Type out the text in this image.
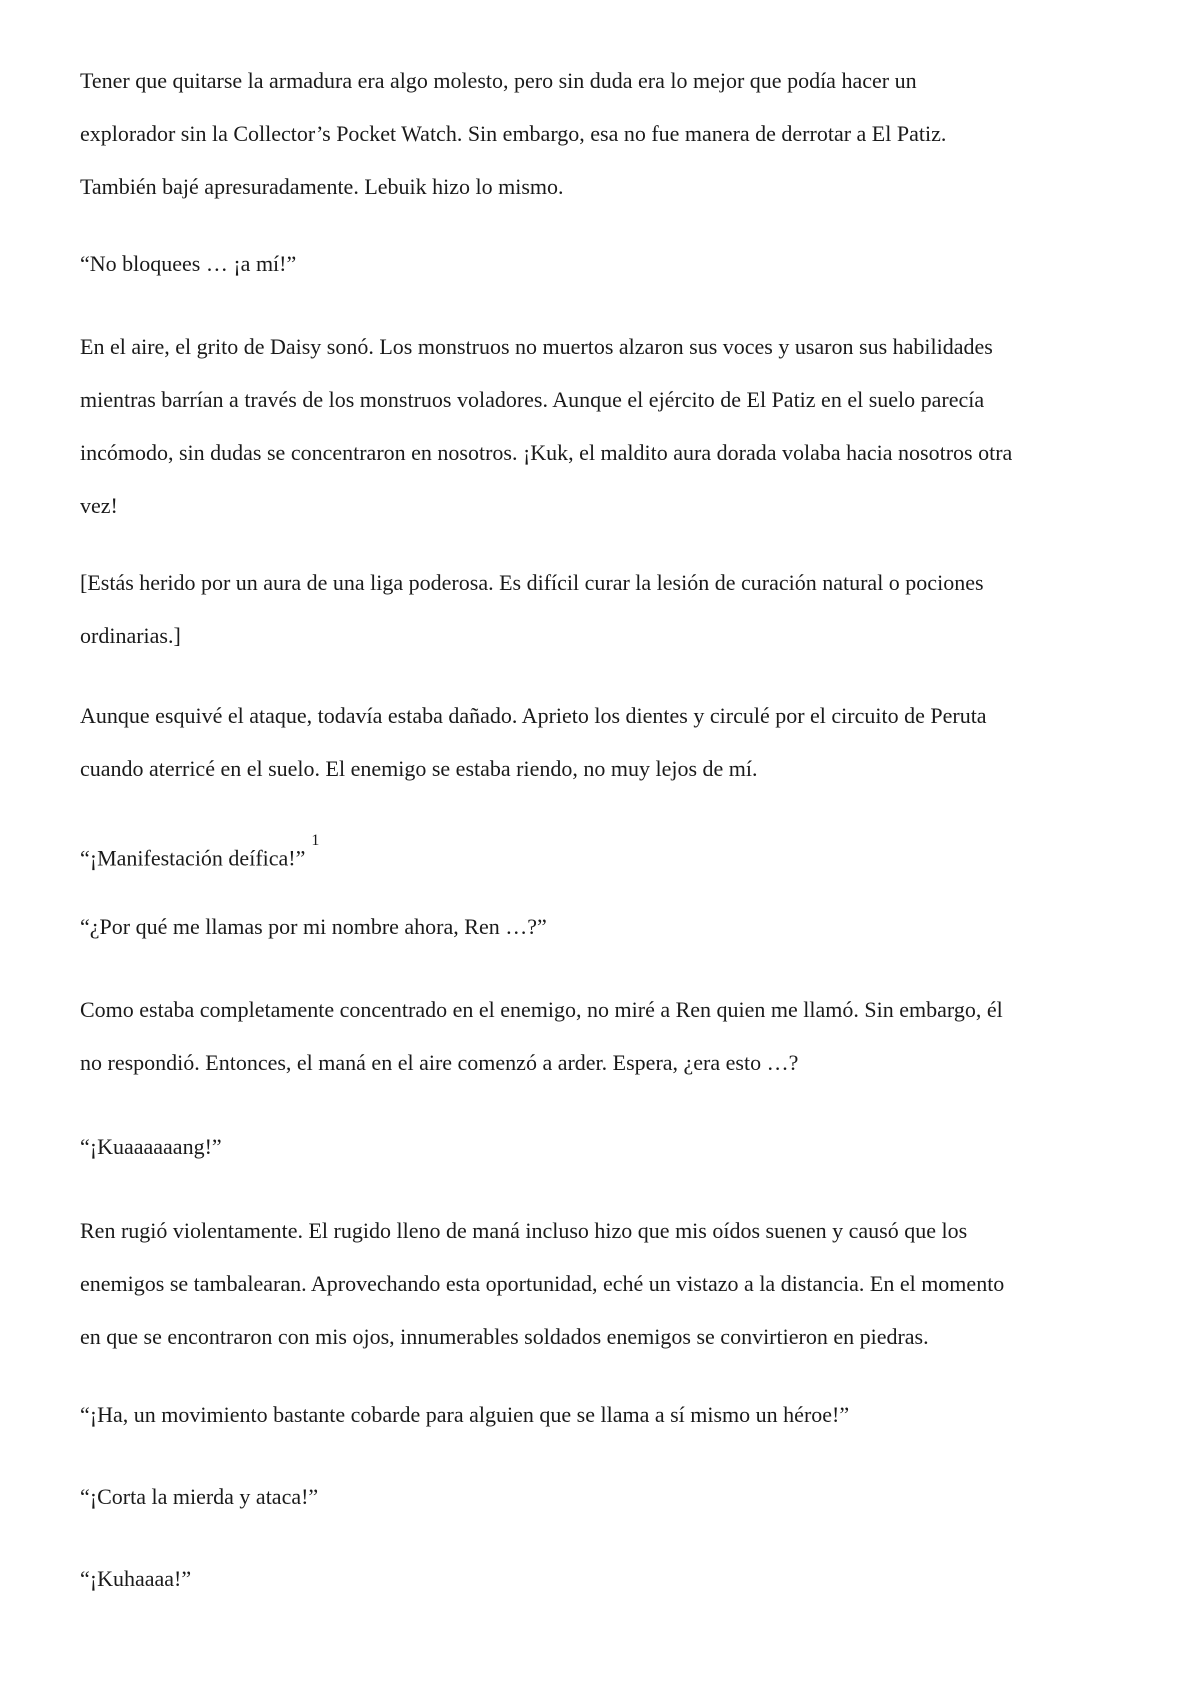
Tener que quitarse la armadura era algo molesto, pero sin duda era lo mejor que podía hacer un
explorador sin la Collector’s Pocket Watch. Sin embargo, esa no fue manera de derrotar a El Patiz.
También bajé apresuradamente. Lebuik hizo lo mismo.

“No bloquees … ¡a mí!”

En el aire, el grito de Daisy sonó. Los monstruos no muertos alzaron sus voces y usaron sus habilidades
mientras barrían a través de los monstruos voladores. Aunque el ejército de El Patiz en el suelo parecía
incómodo, sin dudas se concentraron en nosotros. ¡Kuk, el maldito aura dorada volaba hacia nosotros otra
vez!

[Estás herido por un aura de una liga poderosa. Es difícil curar la lesión de curación natural o pociones
ordinarias.]

Aunque esquivé el ataque, todavía estaba dañado. Aprieto los dientes y circulé por el circuito de Peruta
cuando aterricé en el suelo. El enemigo se estaba riendo, no muy lejos de mí.

“¡Manifestación deífica!”$^1$

“¿Por qué me llamas por mi nombre ahora, Ren …?”

Como estaba completamente concentrado en el enemigo, no miré a Ren quien me llamó. Sin embargo, él
no respondió. Entonces, el maná en el aire comenzó a arder. Espera, ¿era esto …?

“¡Kuaaaaaang!”

Ren rugió violentamente. El rugido lleno de maná incluso hizo que mis oídos suenen y causó que los
enemigos se tambalearan. Aprovechando esta oportunidad, eché un vistazo a la distancia. En el momento
en que se encontraron con mis ojos, innumerables soldados enemigos se convirtieron en piedras.

“¡Ha, un movimiento bastante cobarde para alguien que se llama a sí mismo un héroe!”

“¡Corta la mierda y ataca!”

“¡Kuhaaaa!”
